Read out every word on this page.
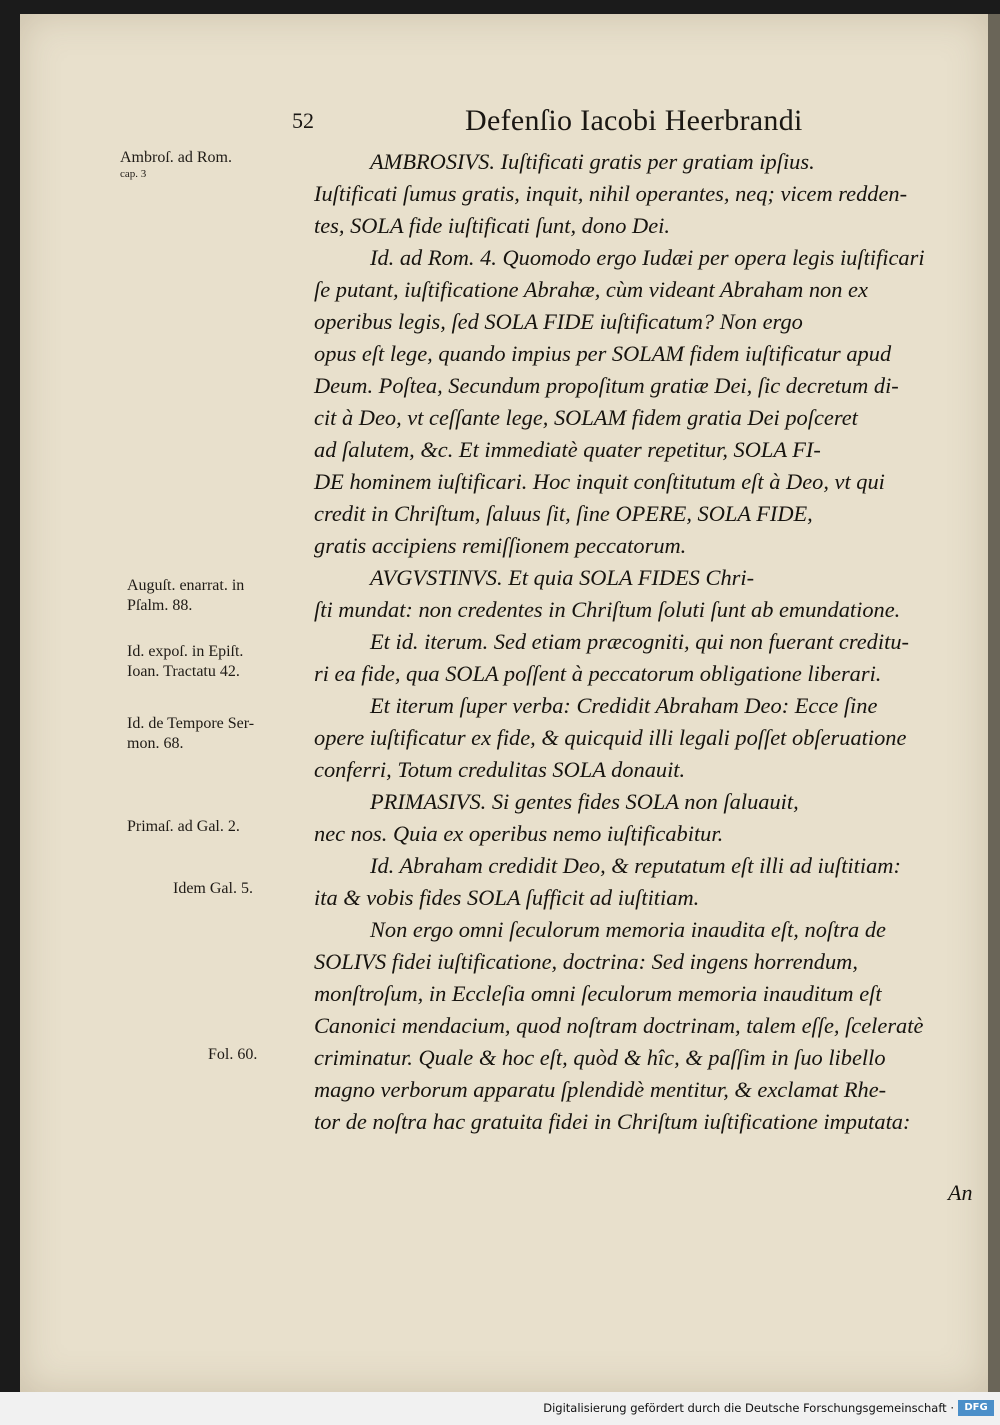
52	Defenſio Iacobi Heerbrandi
Ambroſ. ad Rom.
cap. 3
Auguſt. enarrat. in
Pſalm. 88.
Id. expoſ. in Epiſt.
Ioan. Tractatu 42.
Id. de Tempore Ser-
mon. 68.
Primaſ. ad Gal. 2.
Idem Gal. 5.
Fol. 60.
AMBROSIVS. Iuſtificati gratis per gratiam ipſius.
Iuſtificati ſumus gratis, inquit, nihil operantes, neq; vicem redden-
tes, SOLA fide iuſtificati ſunt, dono Dei.
Id. ad Rom. 4. Quomodo ergo Iudæi per opera legis iuſtificari
ſe putant, iuſtificatione Abrahæ, cùm videant Abraham non ex
operibus legis, ſed SOLA FIDE iuſtificatum? Non ergo
opus eſt lege, quando impius per SOLAM fidem iuſtificatur apud
Deum. Poſtea, Secundum propoſitum gratiæ Dei, ſic decretum di-
cit à Deo, vt ceſſante lege, SOLAM fidem gratia Dei poſceret
ad ſalutem, &c. Et immediatè quater repetitur, SOLA FI-
DE hominem iuſtificari. Hoc inquit conſtitutum eſt à Deo, vt qui
credit in Chriſtum, ſaluus ſit, ſine OPERE, SOLA FIDE,
gratis accipiens remiſſionem peccatorum.
AVGVSTINVS. Et quia SOLA FIDES Chri-
ſti mundat: non credentes in Chriſtum ſoluti ſunt ab emundatione.
Et id. iterum. Sed etiam præcogniti, qui non fuerant creditu-
ri ea fide, qua SOLA poſſent à peccatorum obligatione liberari.
Et iterum ſuper verba: Credidit Abraham Deo: Ecce ſine
opere iuſtificatur ex fide, & quicquid illi legali poſſet obſeruatione
conferri, Totum credulitas SOLA donauit.
PRIMASIVS. Si gentes fides SOLA non ſaluauit,
nec nos. Quia ex operibus nemo iuſtificabitur.
Id. Abraham credidit Deo, & reputatum eſt illi ad iuſtitiam:
ita & vobis fides SOLA ſufficit ad iuſtitiam.
Non ergo omni ſeculorum memoria inaudita eſt, noſtra de
SOLIVS fidei iuſtificatione, doctrina: Sed ingens horrendum,
monſtroſum, in Eccleſia omni ſeculorum memoria inauditum eſt
Canonici mendacium, quod noſtram doctrinam, talem eſſe, ſceleratè
criminatur. Quale & hoc eſt, quòd & hîc, & paſſim in ſuo libello
magno verborum apparatu ſplendidè mentitur, & exclamat Rhe-
tor de noſtra hac gratuita fidei in Chriſtum iuſtificatione imputata:
An
Digitalisierung gefördert durch die Deutsche Forschungsgemeinschaft ·	DFG
